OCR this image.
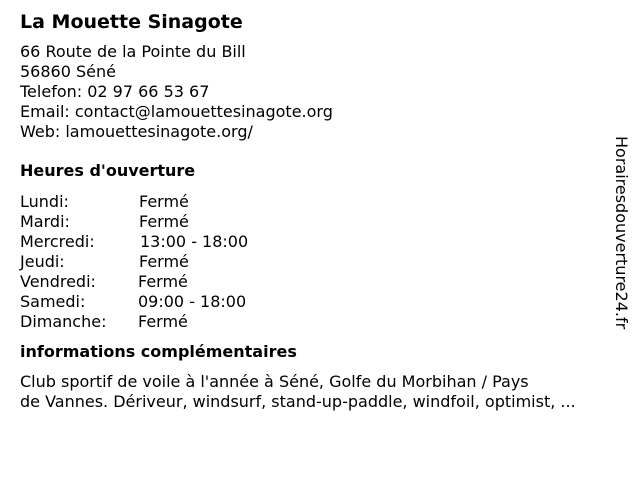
La Mouette Sinagote
66 Route de la Pointe du Bill
56860 Séné
Telefon: 02 97 66 53 67
Email: contact@lamouettesinagote.org
Web: lamouettesinagote.org/
Heures d'ouverture
Lundi:	Fermé
Mardi:	Fermé
Mercredi:	13:00 - 18:00
Jeudi:	Fermé
Vendredi:	Fermé
Samedi:	09:00 - 18:00
Dimanche: Fermé
informations complémentaires
Club sportif de voile à l'année à Séné, Golfe du Morbihan / Pays
de Vannes. Dériveur, windsurf, stand-up-paddle, windfoil, optimist, ...
Horairesdouverture24.fr
